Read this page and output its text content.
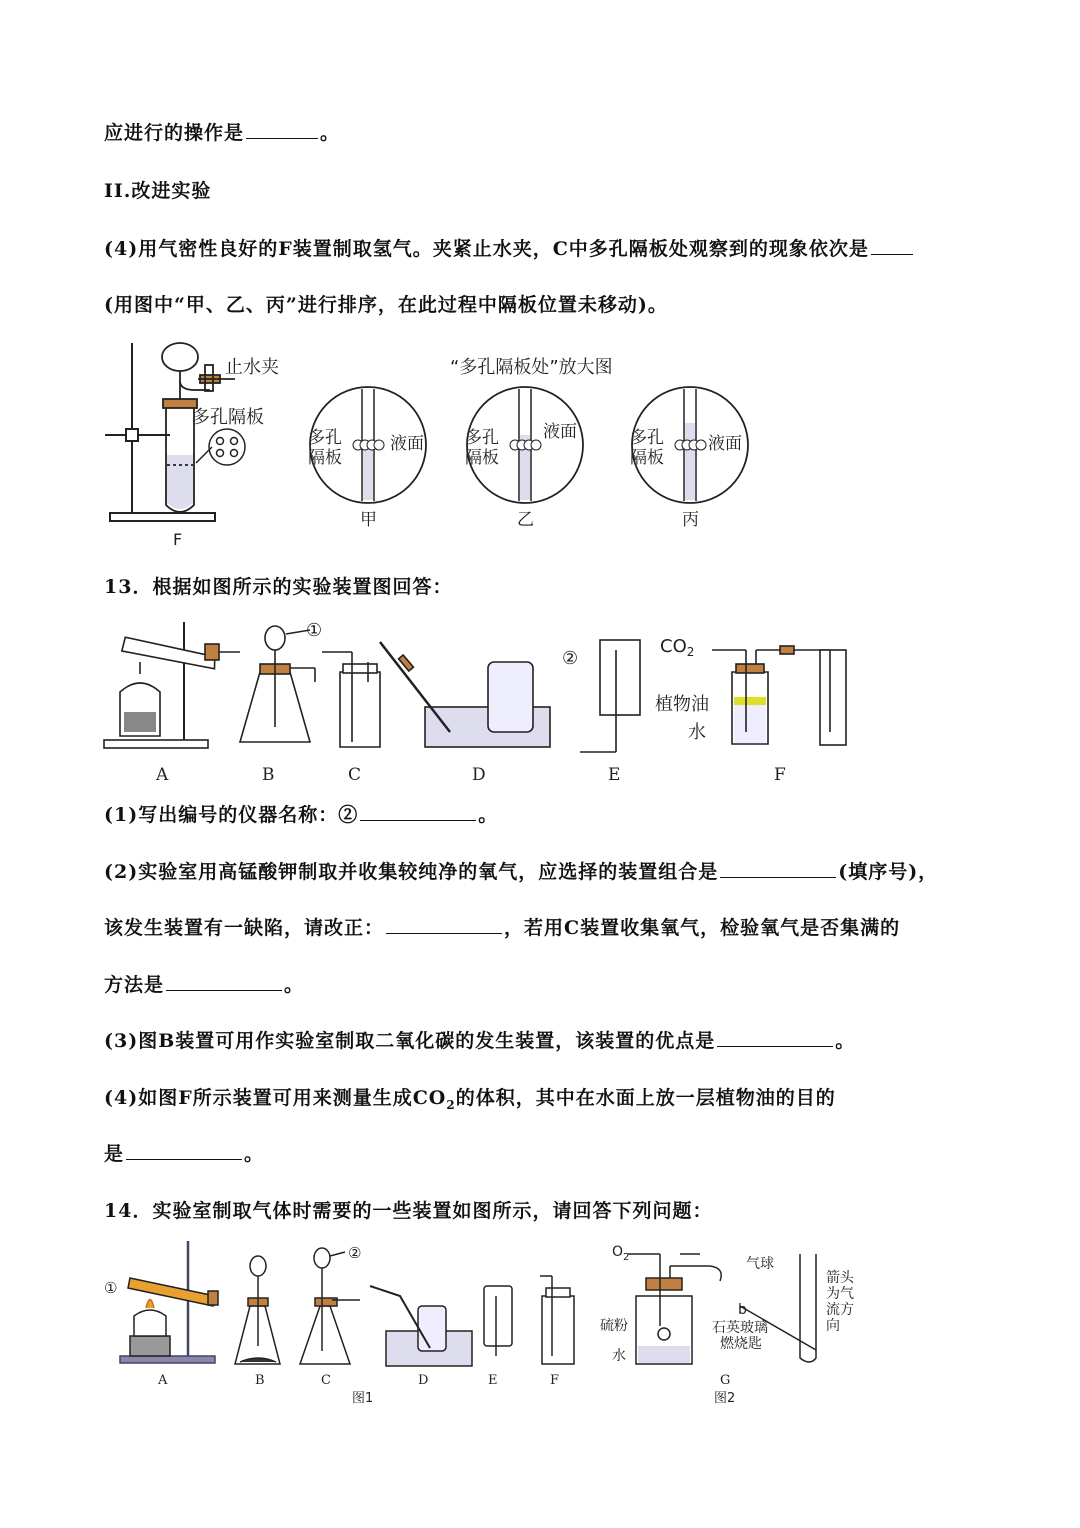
应进行的操作是	。
II.改进实验
(4)用气密性良好的F装置制取氢气。夹紧止水夹，C中多孔隔板处观察到的现象依次是
(用图中“甲、乙、丙”进行排序，在此过程中隔板位置未移动)。
止水夹
多孔隔板
F
“多孔隔板处”放大图
多孔
隔板
液面
甲
多孔
隔板
液面
乙
多孔
隔板
液面
丙
13．根据如图所示的实验装置图回答：
①
②
$CO_2$
植物油
水
A	B	C	D	E	F
(1)写出编号的仪器名称：②	。
(2)实验室用高锰酸钾制取并收集较纯净的氧气，应选择的装置组合是	(填序号)，
该发生装置有一缺陷，请改正：	，若用C装置收集氧气，检验氧气是否集满的
方法是	。
(3)图B装置可用作实验室制取二氧化碳的发生装置，该装置的优点是	。
(4)如图F所示装置可用来测量生成$CO_2$的体积，其中在水面上放一层植物油的目的
是	。
14．实验室制取气体时需要的一些装置如图所示，请回答下列问题：
①
②	$O_2$	气球
b
硫粉	石英玻璃
燃烧匙
水
箭头
为气
流方
向
A	B	C	D	E	F	G
图1	图2
